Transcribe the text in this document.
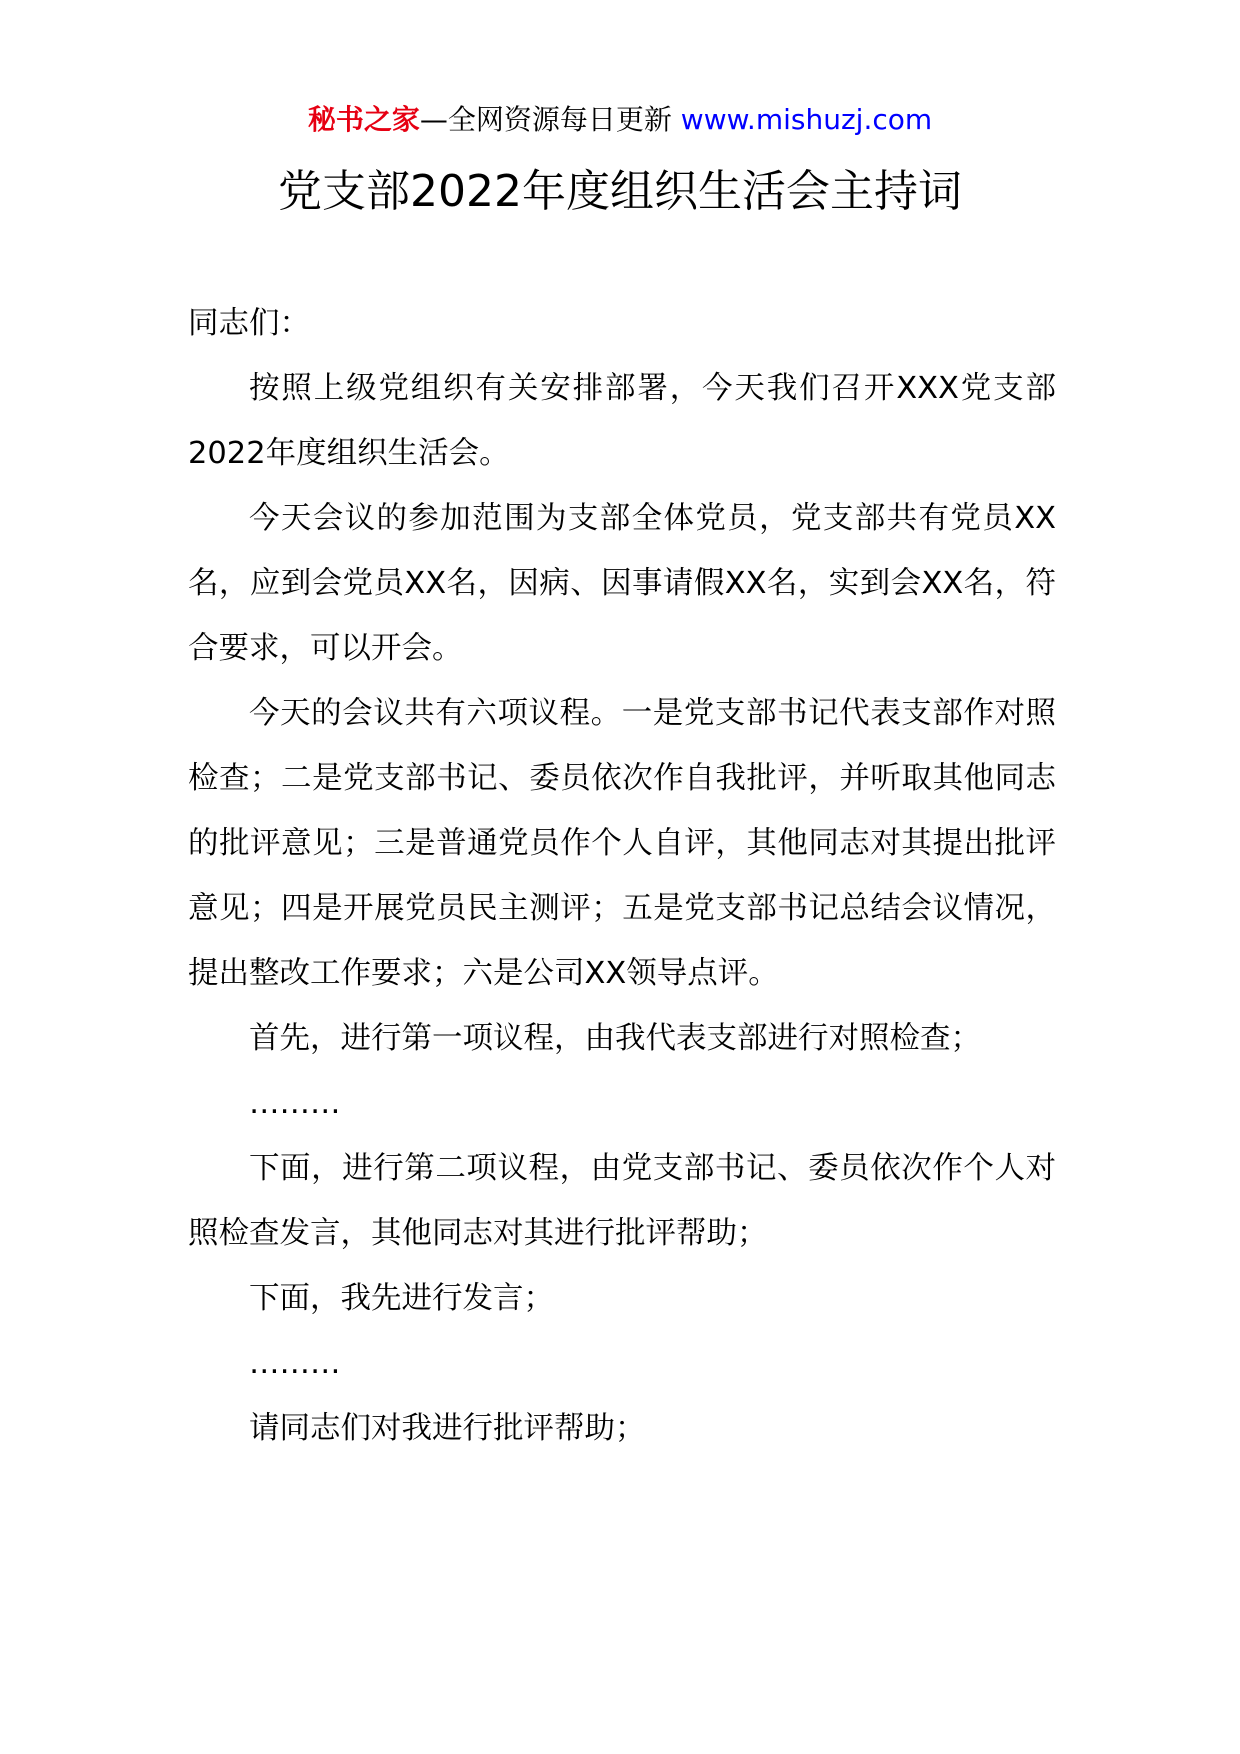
秘书之家—全网资源每日更新 www.mishuzj.com
党支部2022年度组织生活会主持词

同志们：

按照上级党组织有关安排部署，今天我们召开XXX党支部2022年度组织生活会。

今天会议的参加范围为支部全体党员，党支部共有党员XX名，应到会党员XX名，因病、因事请假XX名，实到会XX名，符合要求，可以开会。

今天的会议共有六项议程。一是党支部书记代表支部作对照检查；二是党支部书记、委员依次作自我批评，并听取其他同志的批评意见；三是普通党员作个人自评，其他同志对其提出批评意见；四是开展党员民主测评；五是党支部书记总结会议情况，提出整改工作要求；六是公司XX领导点评。

首先，进行第一项议程，由我代表支部进行对照检查；

………

下面，进行第二项议程，由党支部书记、委员依次作个人对照检查发言，其他同志对其进行批评帮助；

下面，我先进行发言；

………

请同志们对我进行批评帮助；
